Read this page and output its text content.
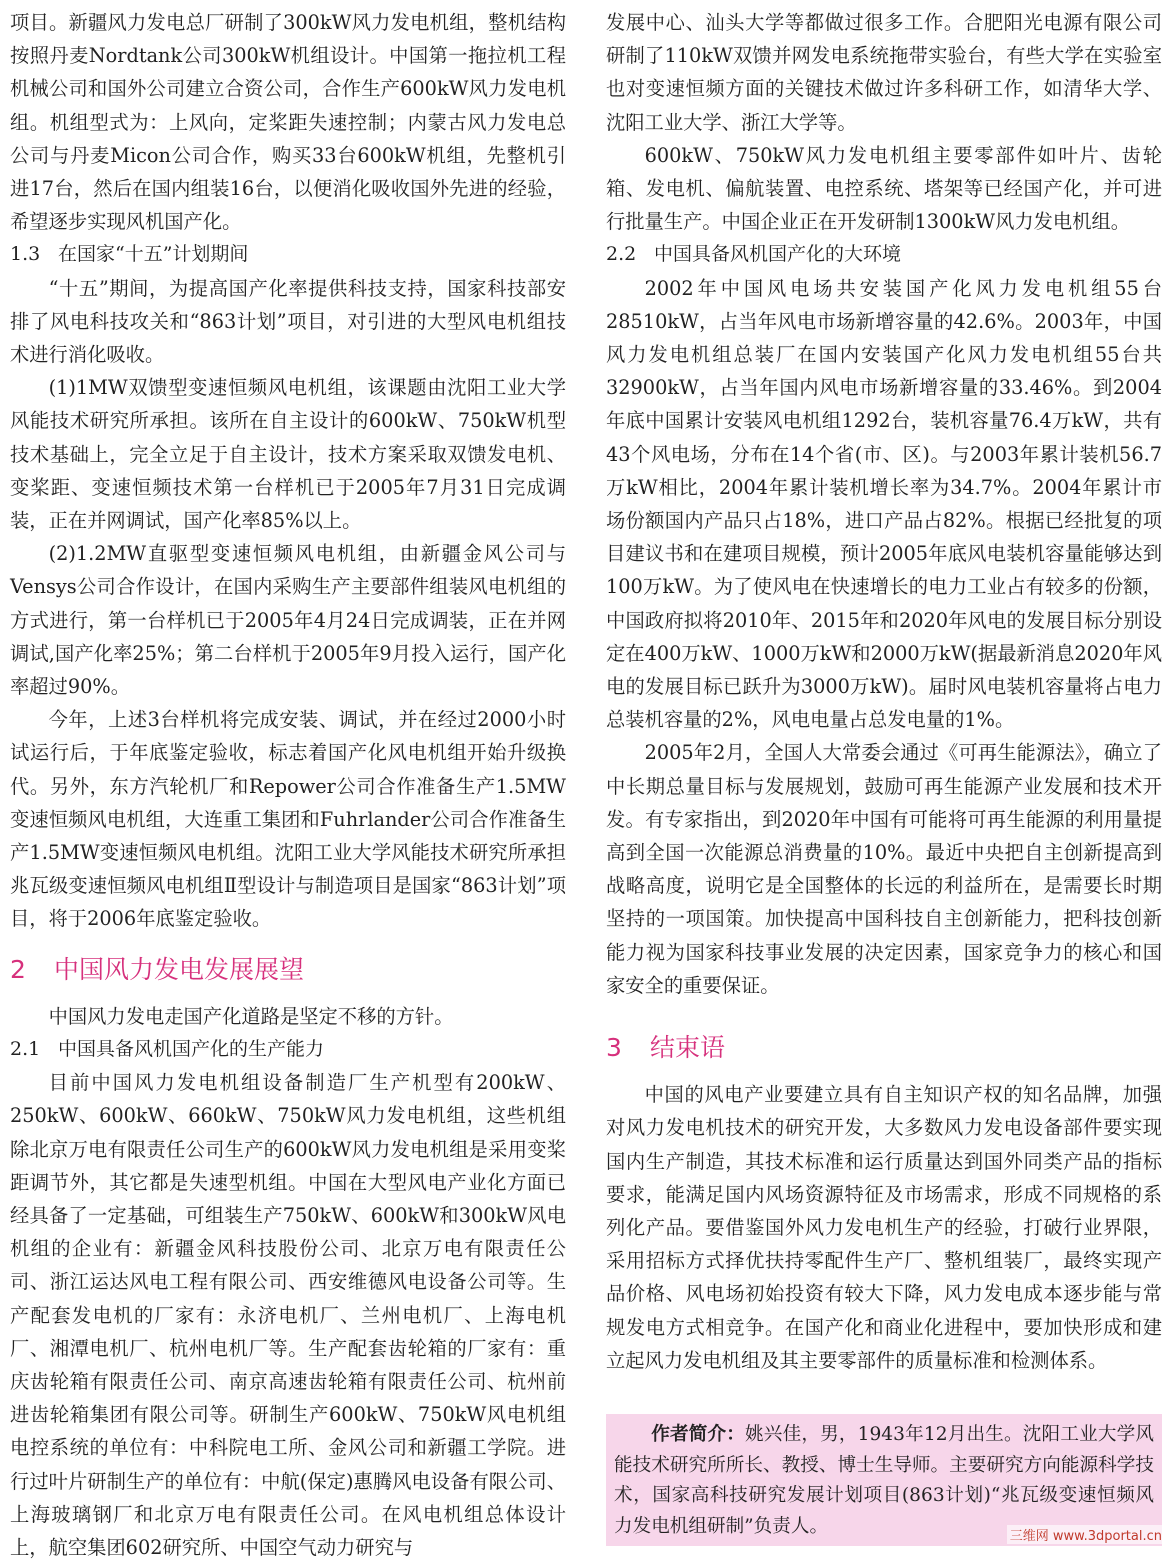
项目。新疆风力发电总厂研制了300kW风力发电机组，整机结构按照丹麦Nordtank公司300kW机组设计。中国第一拖拉机工程机械公司和国外公司建立合资公司，合作生产600kW风力发电机组。机组型式为：上风向，定桨距失速控制；内蒙古风力发电总公司与丹麦Micon公司合作，购买33台600kW机组，先整机引进17台，然后在国内组装16台，以便消化吸收国外先进的经验，希望逐步实现风机国产化。

1.3 在国家“十五”计划期间

“十五”期间，为提高国产化率提供科技支持，国家科技部安排了风电科技攻关和“863计划”项目，对引进的大型风电机组技术进行消化吸收。

(1)1MW双馈型变速恒频风电机组，该课题由沈阳工业大学风能技术研究所承担。该所在自主设计的600kW、750kW机型技术基础上，完全立足于自主设计，技术方案采取双馈发电机、变桨距、变速恒频技术第一台样机已于2005年7月31日完成调装，正在并网调试，国产化率85%以上。

(2)1.2MW直驱型变速恒频风电机组，由新疆金风公司与Vensys公司合作设计，在国内采购生产主要部件组装风电机组的方式进行，第一台样机已于2005年4月24日完成调装，正在并网调试,国产化率25%；第二台样机于2005年9月投入运行，国产化率超过90%。

今年，上述3台样机将完成安装、调试，并在经过2000小时试运行后，于年底鉴定验收，标志着国产化风电机组开始升级换代。另外，东方汽轮机厂和Repower公司合作准备生产1.5MW变速恒频风电机组，大连重工集团和Fuhrlander公司合作准备生产1.5MW变速恒频风电机组。沈阳工业大学风能技术研究所承担兆瓦级变速恒频风电机组Ⅱ型设计与制造项目是国家“863计划”项目，将于2006年底鉴定验收。

2 中国风力发电发展展望

中国风力发电走国产化道路是坚定不移的方针。

2.1 中国具备风机国产化的生产能力

目前中国风力发电机组设备制造厂生产机型有200kW、250kW、600kW、660kW、750kW风力发电机组，这些机组除北京万电有限责任公司生产的600kW风力发电机组是采用变桨距调节外，其它都是失速型机组。中国在大型风电产业化方面已经具备了一定基础，可组装生产750kW、600kW和300kW风电机组的企业有：新疆金风科技股份公司、北京万电有限责任公司、浙江运达风电工程有限公司、西安维德风电设备公司等。生产配套发电机的厂家有：永济电机厂、兰州电机厂、上海电机厂、湘潭电机厂、杭州电机厂等。生产配套齿轮箱的厂家有：重庆齿轮箱有限责任公司、南京高速齿轮箱有限责任公司、杭州前进齿轮箱集团有限公司等。研制生产600kW、750kW风电机组电控系统的单位有：中科院电工所、金风公司和新疆工学院。进行过叶片研制生产的单位有：中航(保定)惠腾风电设备有限公司、上海玻璃钢厂和北京万电有限责任公司。在风电机组总体设计上，航空集团602研究所、中国空气动力研究与

发展中心、汕头大学等都做过很多工作。合肥阳光电源有限公司研制了110kW双馈并网发电系统拖带实验台，有些大学在实验室也对变速恒频方面的关键技术做过许多科研工作，如清华大学、沈阳工业大学、浙江大学等。

600kW、750kW风力发电机组主要零部件如叶片、齿轮箱、发电机、偏航装置、电控系统、塔架等已经国产化，并可进行批量生产。中国企业正在开发研制1300kW风力发电机组。

2.2 中国具备风机国产化的大环境

2002年中国风电场共安装国产化风力发电机组55台28510kW，占当年风电市场新增容量的42.6%。2003年，中国风力发电机组总装厂在国内安装国产化风力发电机组55台共32900kW，占当年国内风电市场新增容量的33.46%。到2004年底中国累计安装风电机组1292台，装机容量76.4万kW，共有43个风电场，分布在14个省(市、区)。与2003年累计装机56.7万kW相比，2004年累计装机增长率为34.7%。2004年累计市场份额国内产品只占18%，进口产品占82%。根据已经批复的项目建议书和在建项目规模，预计2005年底风电装机容量能够达到100万kW。为了使风电在快速增长的电力工业占有较多的份额，中国政府拟将2010年、2015年和2020年风电的发展目标分别设定在400万kW、1000万kW和2000万kW(据最新消息2020年风电的发展目标已跃升为3000万kW)。届时风电装机容量将占电力总装机容量的2%，风电电量占总发电量的1%。

2005年2月，全国人大常委会通过《可再生能源法》，确立了中长期总量目标与发展规划，鼓励可再生能源产业发展和技术开发。有专家指出，到2020年中国有可能将可再生能源的利用量提高到全国一次能源总消费量的10%。最近中央把自主创新提高到战略高度，说明它是全国整体的长远的利益所在，是需要长时期坚持的一项国策。加快提高中国科技自主创新能力，把科技创新能力视为国家科技事业发展的决定因素，国家竞争力的核心和国家安全的重要保证。

3 结束语

中国的风电产业要建立具有自主知识产权的知名品牌，加强对风力发电机技术的研究开发，大多数风力发电设备部件要实现国内生产制造，其技术标准和运行质量达到国外同类产品的指标要求，能满足国内风场资源特征及市场需求，形成不同规格的系列化产品。要借鉴国外风力发电机生产的经验，打破行业界限，采用招标方式择优扶持零配件生产厂、整机组装厂，最终实现产品价格、风电场初始投资有较大下降，风力发电成本逐步能与常规发电方式相竞争。在国产化和商业化进程中，要加快形成和建立起风力发电机组及其主要零部件的质量标准和检测体系。

作者简介：姚兴佳，男，1943年12月出生。沈阳工业大学风能技术研究所所长、教授、博士生导师。主要研究方向能源科学技术，国家高科技研究发展计划项目(863计划)“兆瓦级变速恒频风力发电机组研制”负责人。	三维网 www.3dportal.cn
